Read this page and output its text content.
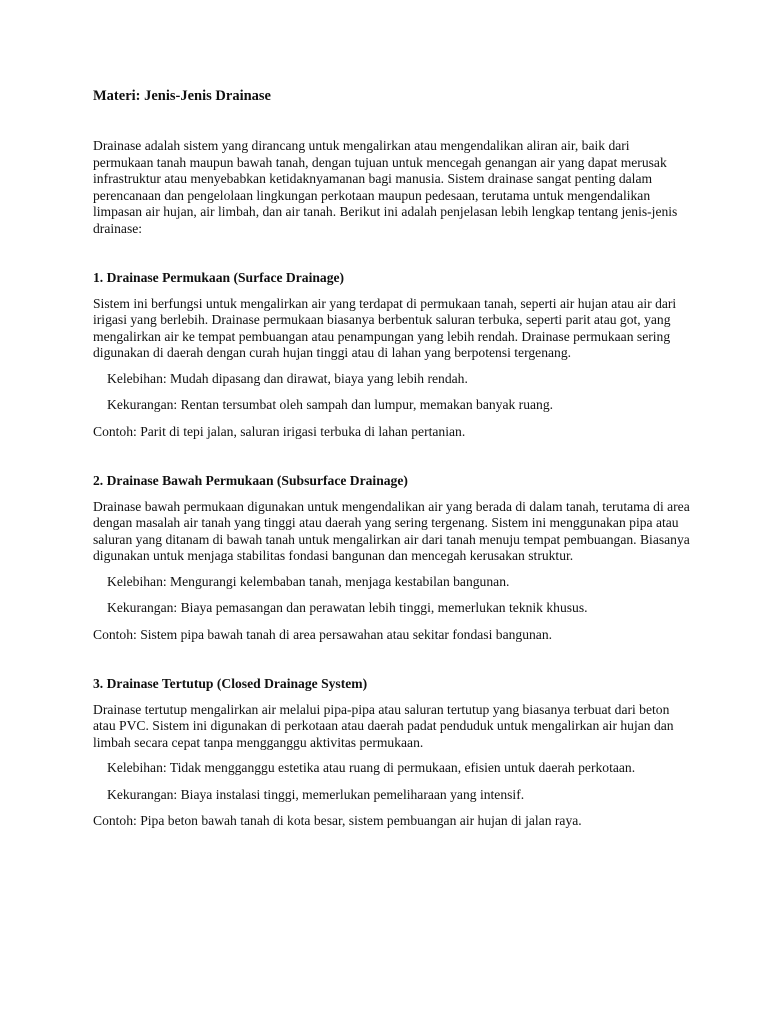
Materi: Jenis-Jenis Drainase

Drainase adalah sistem yang dirancang untuk mengalirkan atau mengendalikan aliran air, baik dari permukaan tanah maupun bawah tanah, dengan tujuan untuk mencegah genangan air yang dapat merusak infrastruktur atau menyebabkan ketidaknyamanan bagi manusia. Sistem drainase sangat penting dalam perencanaan dan pengelolaan lingkungan perkotaan maupun pedesaan, terutama untuk mengendalikan limpasan air hujan, air limbah, dan air tanah. Berikut ini adalah penjelasan lebih lengkap tentang jenis-jenis drainase:

1. Drainase Permukaan (Surface Drainage)

Sistem ini berfungsi untuk mengalirkan air yang terdapat di permukaan tanah, seperti air hujan atau air dari irigasi yang berlebih. Drainase permukaan biasanya berbentuk saluran terbuka, seperti parit atau got, yang mengalirkan air ke tempat pembuangan atau penampungan yang lebih rendah. Drainase permukaan sering digunakan di daerah dengan curah hujan tinggi atau di lahan yang berpotensi tergenang.

Kelebihan: Mudah dipasang dan dirawat, biaya yang lebih rendah.

Kekurangan: Rentan tersumbat oleh sampah dan lumpur, memakan banyak ruang.

Contoh: Parit di tepi jalan, saluran irigasi terbuka di lahan pertanian.

2. Drainase Bawah Permukaan (Subsurface Drainage)

Drainase bawah permukaan digunakan untuk mengendalikan air yang berada di dalam tanah, terutama di area dengan masalah air tanah yang tinggi atau daerah yang sering tergenang. Sistem ini menggunakan pipa atau saluran yang ditanam di bawah tanah untuk mengalirkan air dari tanah menuju tempat pembuangan. Biasanya digunakan untuk menjaga stabilitas fondasi bangunan dan mencegah kerusakan struktur.

Kelebihan: Mengurangi kelembaban tanah, menjaga kestabilan bangunan.

Kekurangan: Biaya pemasangan dan perawatan lebih tinggi, memerlukan teknik khusus.

Contoh: Sistem pipa bawah tanah di area persawahan atau sekitar fondasi bangunan.

3. Drainase Tertutup (Closed Drainage System)

Drainase tertutup mengalirkan air melalui pipa-pipa atau saluran tertutup yang biasanya terbuat dari beton atau PVC. Sistem ini digunakan di perkotaan atau daerah padat penduduk untuk mengalirkan air hujan dan limbah secara cepat tanpa mengganggu aktivitas permukaan.

Kelebihan: Tidak mengganggu estetika atau ruang di permukaan, efisien untuk daerah perkotaan.

Kekurangan: Biaya instalasi tinggi, memerlukan pemeliharaan yang intensif.

Contoh: Pipa beton bawah tanah di kota besar, sistem pembuangan air hujan di jalan raya.
